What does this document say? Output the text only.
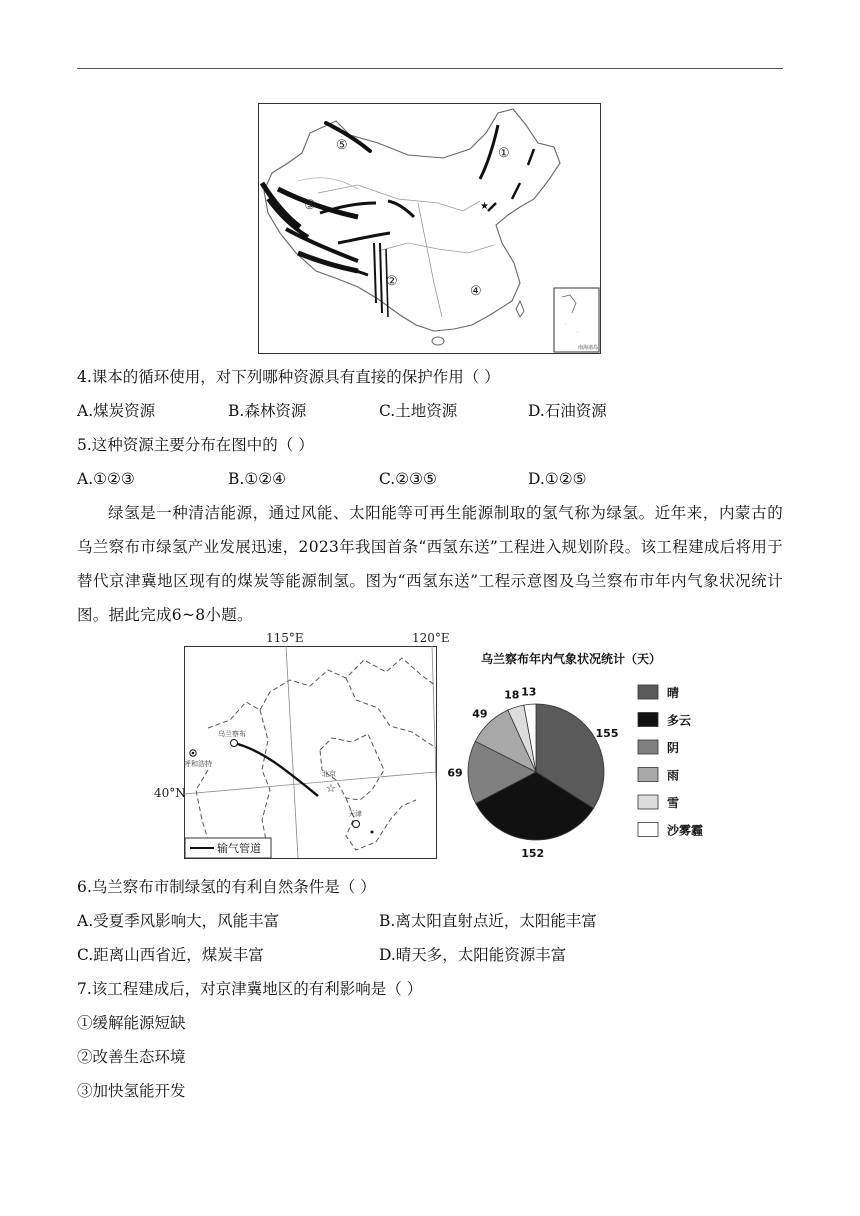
★
①
②
③
④
⑤
·.
.·
南海诸岛
4.课本的循环使用，对下列哪种资源具有直接的保护作用（ ）
A.煤炭资源	B.森林资源	C.土地资源	D.石油资源
5.这种资源主要分布在图中的（ ）
A.①②③	B.①②④	C.②③⑤	D.①②⑤
绿氢是一种清洁能源，通过风能、太阳能等可再生能源制取的氢气称为绿氢。近年来，内蒙古的乌兰察布市绿氢产业发展迅速，2023年我国首条“西氢东送”工程进入规划阶段。该工程建成后将用于替代京津冀地区现有的煤炭等能源制氢。图为“西氢东送”工程示意图及乌兰察布市年内气象状况统计图。据此完成6~8小题。
115°E	120°E
40°N	☆
乌兰察布
呼和浩特
北京
天津
输气管道
乌兰察布年内气象状况统计（天）
155
152
69
49
18 13	晴
多云
阴
雨
雪
沙雾霾
6.乌兰察布市制绿氢的有利自然条件是（ ）
A.受夏季风影响大，风能丰富	B.离太阳直射点近，太阳能丰富
C.距离山西省近，煤炭丰富	D.晴天多，太阳能资源丰富
7.该工程建成后，对京津冀地区的有利影响是（ ）
①缓解能源短缺
②改善生态环境
③加快氢能开发
